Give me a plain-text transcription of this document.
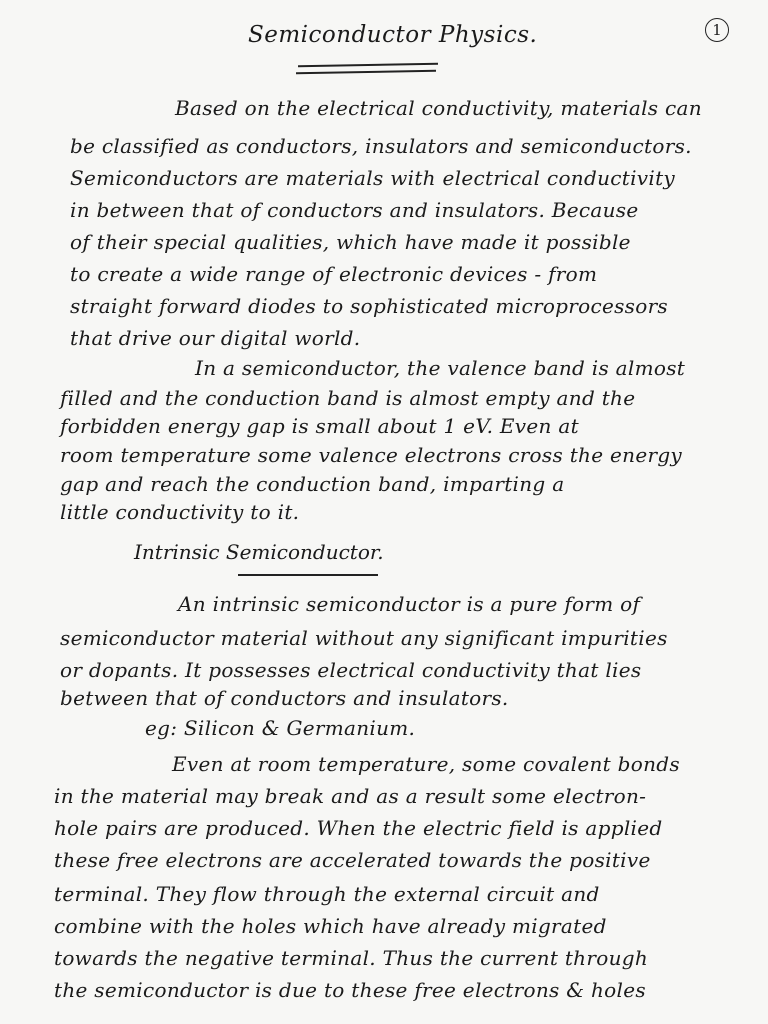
Semiconductor Physics.	1
Based on the electrical conductivity, materials can
be classified as conductors, insulators and semiconductors.
Semiconductors are materials with electrical conductivity
in between that of conductors and insulators. Because
of their special qualities, which have made it possible
to create a wide range of electronic devices - from
straight forward diodes to sophisticated microprocessors
that drive our digital world.
In a semiconductor, the valence band is almost
filled and the conduction band is almost empty and the
forbidden energy gap is small about 1 eV. Even at
room temperature some valence electrons cross the energy
gap and reach the conduction band, imparting a
little conductivity to it.
Intrinsic Semiconductor.
An intrinsic semiconductor is a pure form of
semiconductor material without any significant impurities
or dopants. It possesses electrical conductivity that lies
between that of conductors and insulators.
eg: Silicon & Germanium.
Even at room temperature, some covalent bonds
in the material may break and as a result some electron-
hole pairs are produced. When the electric field is applied
these free electrons are accelerated towards the positive
terminal. They flow through the external circuit and
combine with the holes which have already migrated
towards the negative terminal. Thus the current through
the semiconductor is due to these free electrons & holes
